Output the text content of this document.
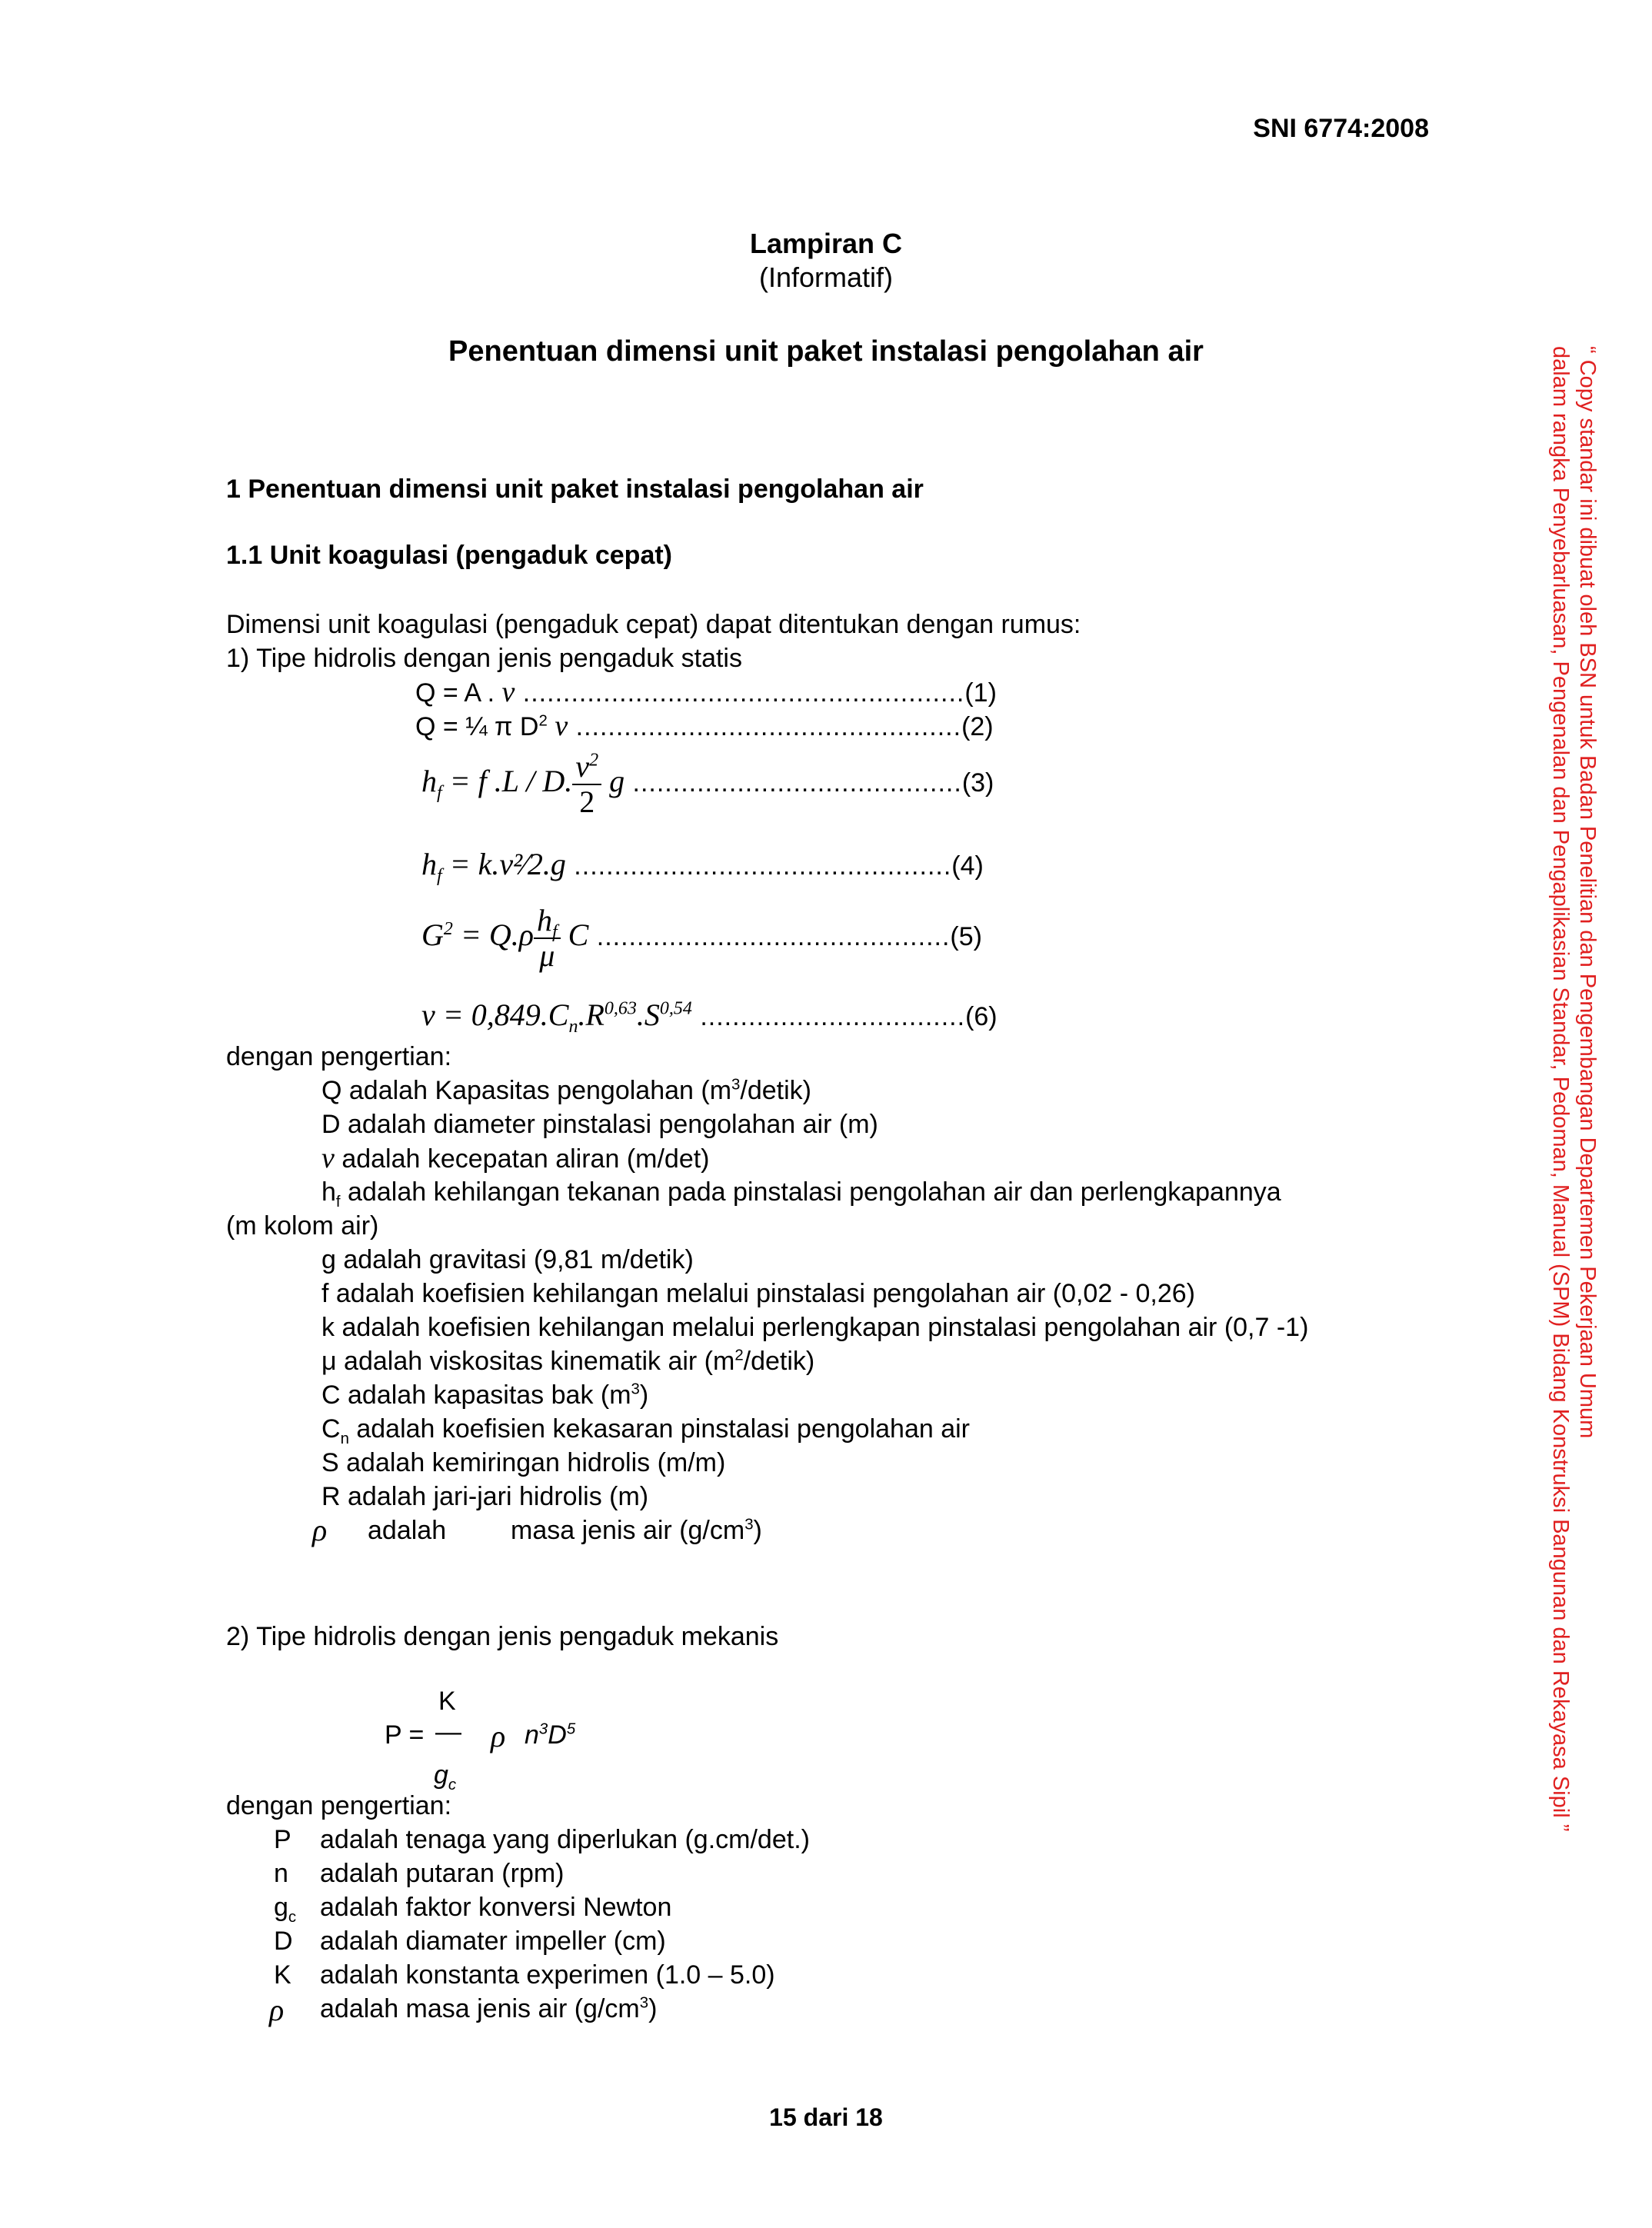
SNI 6774:2008
Lampiran C
(Informatif)
Penentuan dimensi unit paket instalasi pengolahan air	“ Copy standar ini dibuat oleh BSN untuk Badan Penelitian dan Pengembangan Departemen Pekerjaan Umum
dalam rangka Penyebarluasan, Pengenalan dan Pengaplikasian Standar, Pedoman, Manual (SPM) Bidang Konstruksi Bangunan dan Rekayasa Sipil ”
1 Penentuan dimensi unit paket instalasi pengolahan air
1.1 Unit koagulasi (pengaduk cepat)
Dimensi unit koagulasi (pengaduk cepat) dapat ditentukan dengan rumus:
1) Tipe hidrolis dengan jenis pengaduk statis
Q = A . v .......................................................(1)
Q = ¼ π $D^2$ v ................................................(2)
$h_f = f$ .L / D. $\frac{v^2}{2}$ g .........................................(3)
$h_f$ = k.v²⁄2.g ...............................................(4)
$G^2 = Q.\rho \frac{h_f}{\mu}$ C ............................................(5)
$v = 0,849.C_n.R^{0,63}.S^{0,54}$ .................................(6)
dengan pengertian:
Q adalah Kapasitas pengolahan $(m^3/detik)$
D adalah diameter pinstalasi pengolahan air (m)
v adalah kecepatan aliran (m/det)
$h_f$ adalah kehilangan tekanan pada pinstalasi pengolahan air dan perlengkapannya
(m kolom air)
g adalah gravitasi (9,81 m/detik)
f adalah koefisien kehilangan melalui pinstalasi pengolahan air (0,02 - 0,26)
k adalah koefisien kehilangan melalui perlengkapan pinstalasi pengolahan air (0,7 -1)
μ adalah viskositas kinematik air $(m^2/detik)$
C adalah kapasitas bak $(m^3)$
$C_n$ adalah koefisien kekasaran pinstalasi pengolahan air
S adalah kemiringan hidrolis (m/m)
R adalah jari-jari hidrolis (m)
ρ adalah masa jenis air $(g/cm^3)$
2) Tipe hidrolis dengan jenis pengaduk mekanis
K
P = — ρ $n^3D^5$
$g_c$
dengan pengertian:
P adalah tenaga yang diperlukan (g.cm/det.)
n adalah putaran (rpm)
$g_c$ adalah faktor konversi Newton
D adalah diamater impeller (cm)
K adalah konstanta experimen (1.0 – 5.0)
ρ adalah masa jenis air $(g/cm^3)$
15 dari 18
